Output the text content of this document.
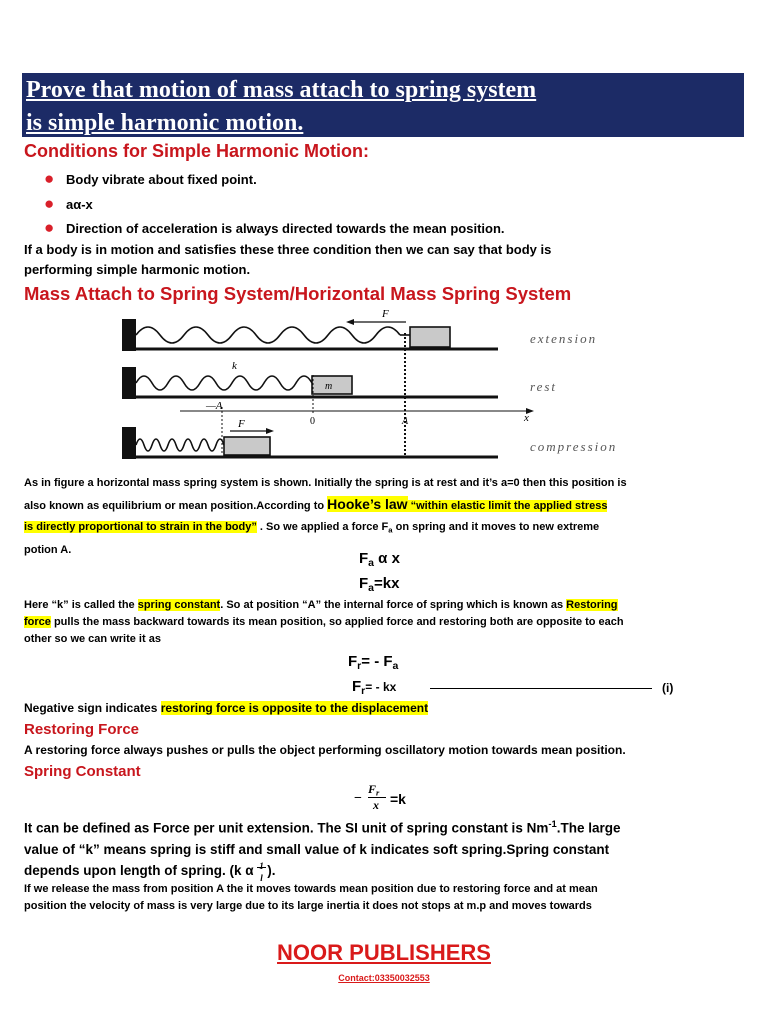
Prove that motion of mass attach to spring system
is simple harmonic motion.
Conditions for Simple Harmonic Motion:
● Body vibrate about fixed point.
● aα-x
● Direction of acceleration is always directed towards the mean position.
If a body is in motion and satisfies these three condition then we can say that body is
performing simple harmonic motion.
Mass Attach to Spring System/Horizontal Mass Spring System
F
k
m
x
—A
0	A
F
extension
rest
compression
As in figure a horizontal mass spring system is shown. Initially the spring is at rest and it’s a=0 then this position is
also known as equilibrium or mean position.According to Hooke’s law “within elastic limit the applied stress
is directly proportional to strain in the body” . So we applied a force $F_a$ on spring and it moves to new extreme
potion A.	$F_a$ α x
$F_a=kx$
Here “k” is called the spring constant. So at position “A” the internal force of spring which is known as Restoring
force pulls the mass backward towards its mean position, so applied force and restoring both are opposite to each
other so we can write it as
$F_r= - F_a$
$F_r=$ - kx	(i)
Negative sign indicates restoring force is opposite to the displacement
Restoring Force
A restoring force always pushes or pulls the object performing oscillatory motion towards mean position.
Spring Constant
−
$F_r$
x =k
It can be defined as Force per unit extension. The SI unit of spring constant is $Nm^{-1}.The$ large
value of “k” means spring is stiff and small value of k indicates soft spring.Spring constant
depends upon length of spring. (k α 1
l
).
If we release the mass from position A the it moves towards mean position due to restoring force and at mean
position the velocity of mass is very large due to its large inertia it does not stops at m.p and moves towards
NOOR PUBLISHERS
Contact:03350032553
